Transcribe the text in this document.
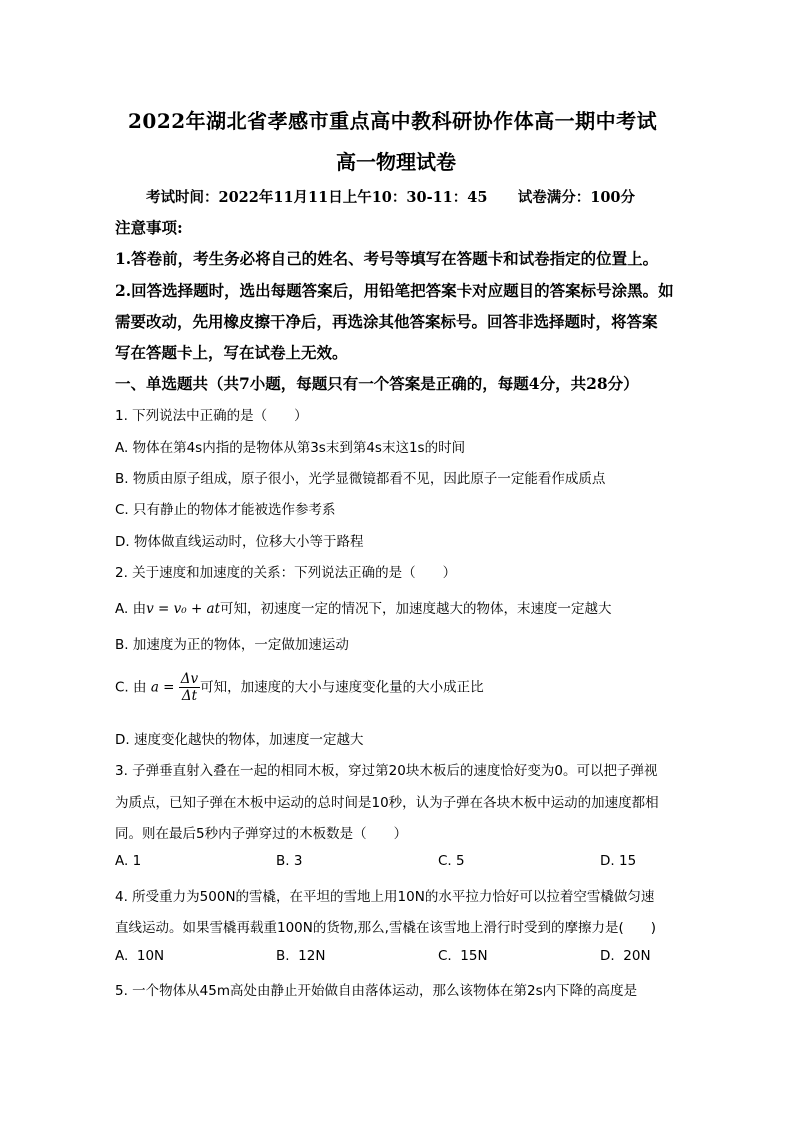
2022年湖北省孝感市重点高中教科研协作体高一期中考试
高一物理试卷
考试时间：2022年11月11日上午10：30-11：45      试卷满分：100分
注意事项:
1.答卷前，考生务必将自己的姓名、考号等填写在答题卡和试卷指定的位置上。
2.回答选择题时，选出每题答案后，用铅笔把答案卡对应题目的答案标号涂黑。如
需要改动，先用橡皮擦干净后，再选涂其他答案标号。回答非选择题时，将答案
写在答题卡上，写在试卷上无效。
一、单选题共（共7小题，每题只有一个答案是正确的，每题4分，共28分）
1. 下列说法中正确的是（　　）
A. 物体在第4s内指的是物体从第3s末到第4s末这1s的时间
B. 物质由原子组成，原子很小，光学显微镜都看不见，因此原子一定能看作成质点
C. 只有静止的物体才能被选作参考系
D. 物体做直线运动时，位移大小等于路程
2. 关于速度和加速度的关系：下列说法正确的是（　　）
A. 由v = v₀ + at可知，初速度一定的情况下，加速度越大的物体，末速度一定越大
B. 加速度为正的物体，一定做加速运动
C. 由 $a = \frac{\Delta v}{\Delta t}$ 可知，加速度的大小与速度变化量的大小成正比
D. 速度变化越快的物体，加速度一定越大
3. 子弹垂直射入叠在一起的相同木板，穿过第20块木板后的速度恰好变为0。可以把子弹视
为质点，已知子弹在木板中运动的总时间是10秒，认为子弹在各块木板中运动的加速度都相
同。则在最后5秒内子弹穿过的木板数是（　　）
A. 1	B. 3	C. 5	D. 15
4. 所受重力为500N的雪橇，在平坦的雪地上用10N的水平拉力恰好可以拉着空雪橇做匀速
直线运动。如果雪橇再载重100N的货物,那么,雪橇在该雪地上滑行时受到的摩擦力是(　　)
A.  10N	B.  12N	C.  15N	D.  20N
5. 一个物体从45m高处由静止开始做自由落体运动，那么该物体在第2s内下降的高度是
